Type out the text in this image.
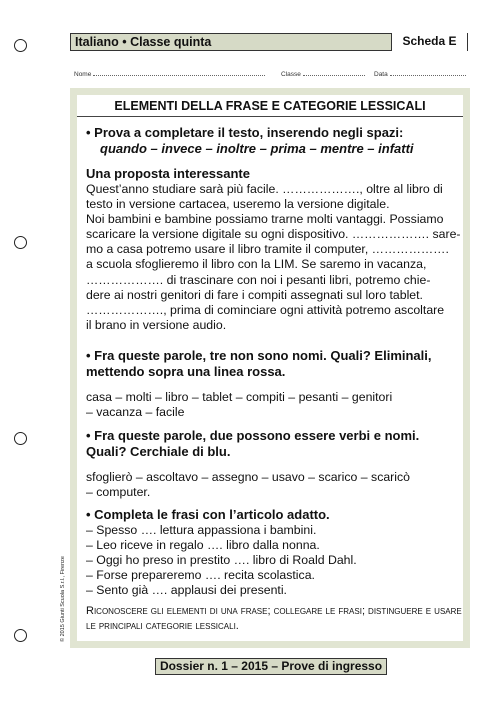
Italiano • Classe quinta	Scheda E
Nome	Classe	Data
ELEMENTI DELLA FRASE E CATEGORIE LESSICALI
• Prova a completare il testo, inserendo negli spazi:
quando – invece – inoltre – prima – mentre – infatti
Una proposta interessante
Quest’anno studiare sarà più facile. ………………., oltre al libro di
testo in versione cartacea, useremo la versione digitale.
Noi bambini e bambine possiamo trarne molti vantaggi. Possiamo
scaricare la versione digitale su ogni dispositivo. ………………. sare-
mo a casa potremo usare il libro tramite il computer, ……………….
a scuola sfoglieremo il libro con la LIM. Se saremo in vacanza,
………………. di trascinare con noi i pesanti libri, potremo chie-
dere ai nostri genitori di fare i compiti assegnati sul loro tablet.
………………., prima di cominciare ogni attività potremo ascoltare
il brano in versione audio.
• Fra queste parole, tre non sono nomi. Quali? Eliminali,
mettendo sopra una linea rossa.
casa – molti – libro – tablet – compiti – pesanti – genitori
– vacanza – facile
• Fra queste parole, due possono essere verbi e nomi.
Quali? Cerchiale di blu.
sfoglierò – ascoltavo – assegno – usavo – scarico – scaricò
– computer.
• Completa le frasi con l’articolo adatto.
– Spesso …. lettura appassiona i bambini.
– Leo riceve in regalo …. libro dalla nonna.
– Oggi ho preso in prestito …. libro di Roald Dahl.
– Forse prepareremo …. recita scolastica.
– Sento già …. applausi dei presenti.
Riconoscere gli elementi di una frase; collegare le frasi; distinguere e usare
le principali categorie lessicali.
© 2015 Giunti Scuola S.r.l., Firenze
Dossier n. 1 – 2015 – Prove di ingresso
